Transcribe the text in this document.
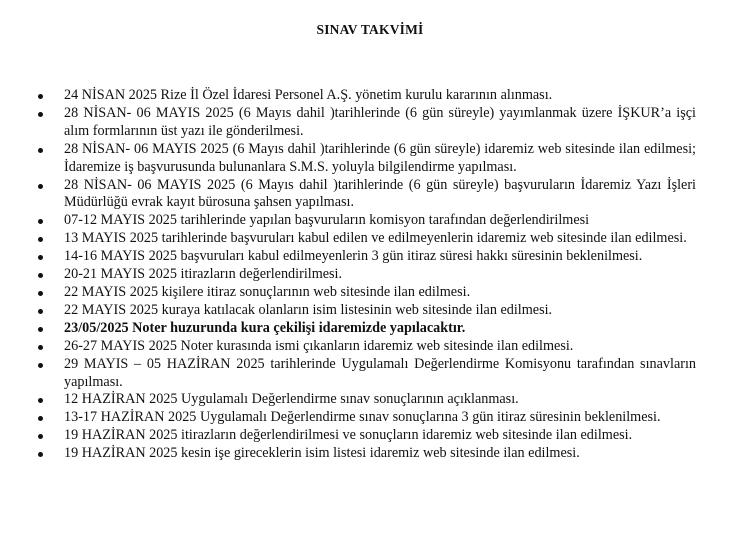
SINAV TAKVİMİ
24 NİSAN 2025 Rize İl Özel İdaresi Personel A.Ş. yönetim kurulu kararının alınması.
28 NİSAN- 06 MAYIS 2025 (6 Mayıs dahil )tarihlerinde (6 gün süreyle) yayımlanmak üzere İŞKUR’a işçi alım formlarının üst yazı ile gönderilmesi.
28 NİSAN- 06 MAYIS 2025 (6 Mayıs dahil )tarihlerinde (6 gün süreyle) idaremiz web sitesinde ilan edilmesi; İdaremize iş başvurusunda bulunanlara S.M.S. yoluyla bilgilendirme yapılması.
28 NİSAN- 06 MAYIS 2025 (6 Mayıs dahil )tarihlerinde (6 gün süreyle) başvuruların İdaremiz Yazı İşleri Müdürlüğü evrak kayıt bürosuna şahsen yapılması.
07-12 MAYIS 2025 tarihlerinde yapılan başvuruların komisyon tarafından değerlendirilmesi
13 MAYIS 2025 tarihlerinde başvuruları kabul edilen ve edilmeyenlerin idaremiz web sitesinde ilan edilmesi.
14-16 MAYIS 2025 başvuruları kabul edilmeyenlerin 3 gün itiraz süresi hakkı süresinin beklenilmesi.
20-21 MAYIS 2025 itirazların değerlendirilmesi.
22 MAYIS 2025 kişilere itiraz sonuçlarının web sitesinde ilan edilmesi.
22 MAYIS 2025 kuraya katılacak olanların isim listesinin web sitesinde ilan edilmesi.
23/05/2025 Noter huzurunda kura çekilişi idaremizde yapılacaktır.
26-27 MAYIS 2025 Noter kurasında ismi çıkanların idaremiz web sitesinde ilan edilmesi.
29 MAYIS – 05 HAZİRAN 2025 tarihlerinde Uygulamalı Değerlendirme Komisyonu tarafından sınavların yapılması.
12 HAZİRAN 2025 Uygulamalı Değerlendirme sınav sonuçlarının açıklanması.
13-17 HAZİRAN 2025 Uygulamalı Değerlendirme sınav sonuçlarına 3 gün itiraz süresinin beklenilmesi.
19 HAZİRAN 2025 itirazların değerlendirilmesi ve sonuçların idaremiz web sitesinde ilan edilmesi.
19 HAZİRAN 2025 kesin işe gireceklerin isim listesi idaremiz web sitesinde ilan edilmesi.
